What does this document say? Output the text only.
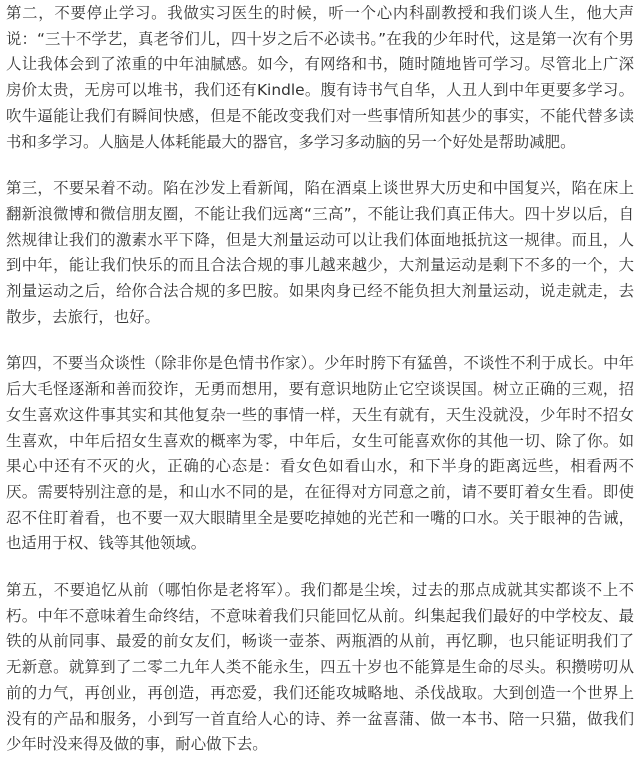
第二，不要停止学习。我做实习医生的时候，听一个心内科副教授和我们谈人生，他大声说：“三十不学艺，真老爷们儿，四十岁之后不必读书。”在我的少年时代，这是第一次有个男人让我体会到了浓重的中年油腻感。如今，有网络和书，随时随地皆可学习。尽管北上广深房价太贵，无房可以堆书，我们还有Kindle。腹有诗书气自华，人丑人到中年更要多学习。吹牛逼能让我们有瞬间快感，但是不能改变我们对一些事情所知甚少的事实，不能代替多读书和多学习。人脑是人体耗能最大的器官，多学习多动脑的另一个好处是帮助减肥。

第三，不要呆着不动。陷在沙发上看新闻，陷在酒桌上谈世界大历史和中国复兴，陷在床上翻新浪微博和微信朋友圈，不能让我们远离“三高”，不能让我们真正伟大。四十岁以后，自然规律让我们的激素水平下降，但是大剂量运动可以让我们体面地抵抗这一规律。而且，人到中年，能让我们快乐的而且合法合规的事儿越来越少，大剂量运动是剩下不多的一个，大剂量运动之后，给你合法合规的多巴胺。如果肉身已经不能负担大剂量运动，说走就走，去散步，去旅行，也好。

第四，不要当众谈性（除非你是色情书作家）。少年时胯下有猛兽，不谈性不利于成长。中年后大毛怪逐渐和善而狡诈，无勇而想用，要有意识地防止它空谈误国。树立正确的三观，招女生喜欢这件事其实和其他复杂一些的事情一样，天生有就有，天生没就没，少年时不招女生喜欢，中年后招女生喜欢的概率为零，中年后，女生可能喜欢你的其他一切、除了你。如果心中还有不灭的火，正确的心态是：看女色如看山水，和下半身的距离远些，相看两不厌。需要特别注意的是，和山水不同的是，在征得对方同意之前，请不要盯着女生看。即使忍不住盯着看，也不要一双大眼睛里全是要吃掉她的光芒和一嘴的口水。关于眼神的告诫，也适用于权、钱等其他领域。

第五，不要追忆从前（哪怕你是老将军）。我们都是尘埃，过去的那点成就其实都谈不上不朽。中年不意味着生命终结，不意味着我们只能回忆从前。纠集起我们最好的中学校友、最铁的从前同事、最爱的前女友们，畅谈一壶茶、两瓶酒的从前，再忆聊，也只能证明我们了无新意。就算到了二零二九年人类不能永生，四五十岁也不能算是生命的尽头。积攒唠叨从前的力气，再创业，再创造，再恋爱，我们还能攻城略地、杀伐战取。大到创造一个世界上没有的产品和服务，小到写一首直给人心的诗、养一盆喜蒲、做一本书、陪一只猫，做我们少年时没来得及做的事，耐心做下去。
